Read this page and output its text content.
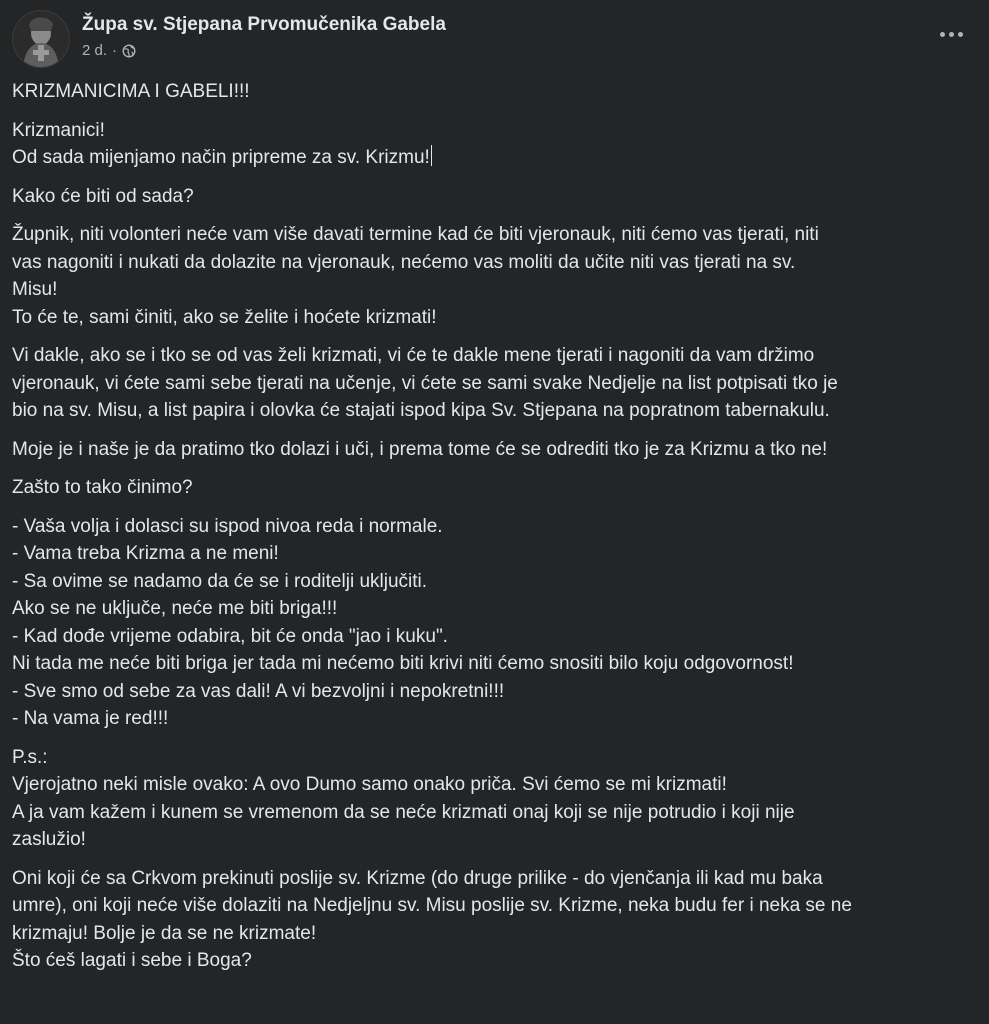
Župa sv. Stjepana Prvomučenika Gabela
2 d. ·
KRIZMANICIMA I GABELI!!!
Krizmanici!
Od sada mijenjamo način pripreme za sv. Krizmu!
Kako će biti od sada?
Župnik, niti volonteri neće vam više davati termine kad će biti vjeronauk, niti ćemo vas tjerati, niti
vas nagoniti i nukati da dolazite na vjeronauk, nećemo vas moliti da učite niti vas tjerati na sv.
Misu!
To će te, sami činiti, ako se želite i hoćete krizmati!
Vi dakle, ako se i tko se od vas želi krizmati, vi će te dakle mene tjerati i nagoniti da vam držimo
vjeronauk, vi ćete sami sebe tjerati na učenje, vi ćete se sami svake Nedjelje na list potpisati tko je
bio na sv. Misu, a list papira i olovka će stajati ispod kipa Sv. Stjepana na popratnom tabernakulu.
Moje je i naše je da pratimo tko dolazi i uči, i prema tome će se odrediti tko je za Krizmu a tko ne!
Zašto to tako činimo?
- Vaša volja i dolasci su ispod nivoa reda i normale.
- Vama treba Krizma a ne meni!
- Sa ovime se nadamo da će se i roditelji uključiti.
Ako se ne uključe, neće me biti briga!!!
- Kad dođe vrijeme odabira, bit će onda "jao i kuku".
Ni tada me neće biti briga jer tada mi nećemo biti krivi niti ćemo snositi bilo koju odgovornost!
- Sve smo od sebe za vas dali! A vi bezvoljni i nepokretni!!!
- Na vama je red!!!
P.s.:
Vjerojatno neki misle ovako: A ovo Dumo samo onako priča. Svi ćemo se mi krizmati!
A ja vam kažem i kunem se vremenom da se neće krizmati onaj koji se nije potrudio i koji nije
zaslužio!
Oni koji će sa Crkvom prekinuti poslije sv. Krizme (do druge prilike - do vjenčanja ili kad mu baka
umre), oni koji neće više dolaziti na Nedjeljnu sv. Misu poslije sv. Krizme, neka budu fer i neka se ne
krizmaju! Bolje je da se ne krizmate!
Što ćeš lagati i sebe i Boga?
